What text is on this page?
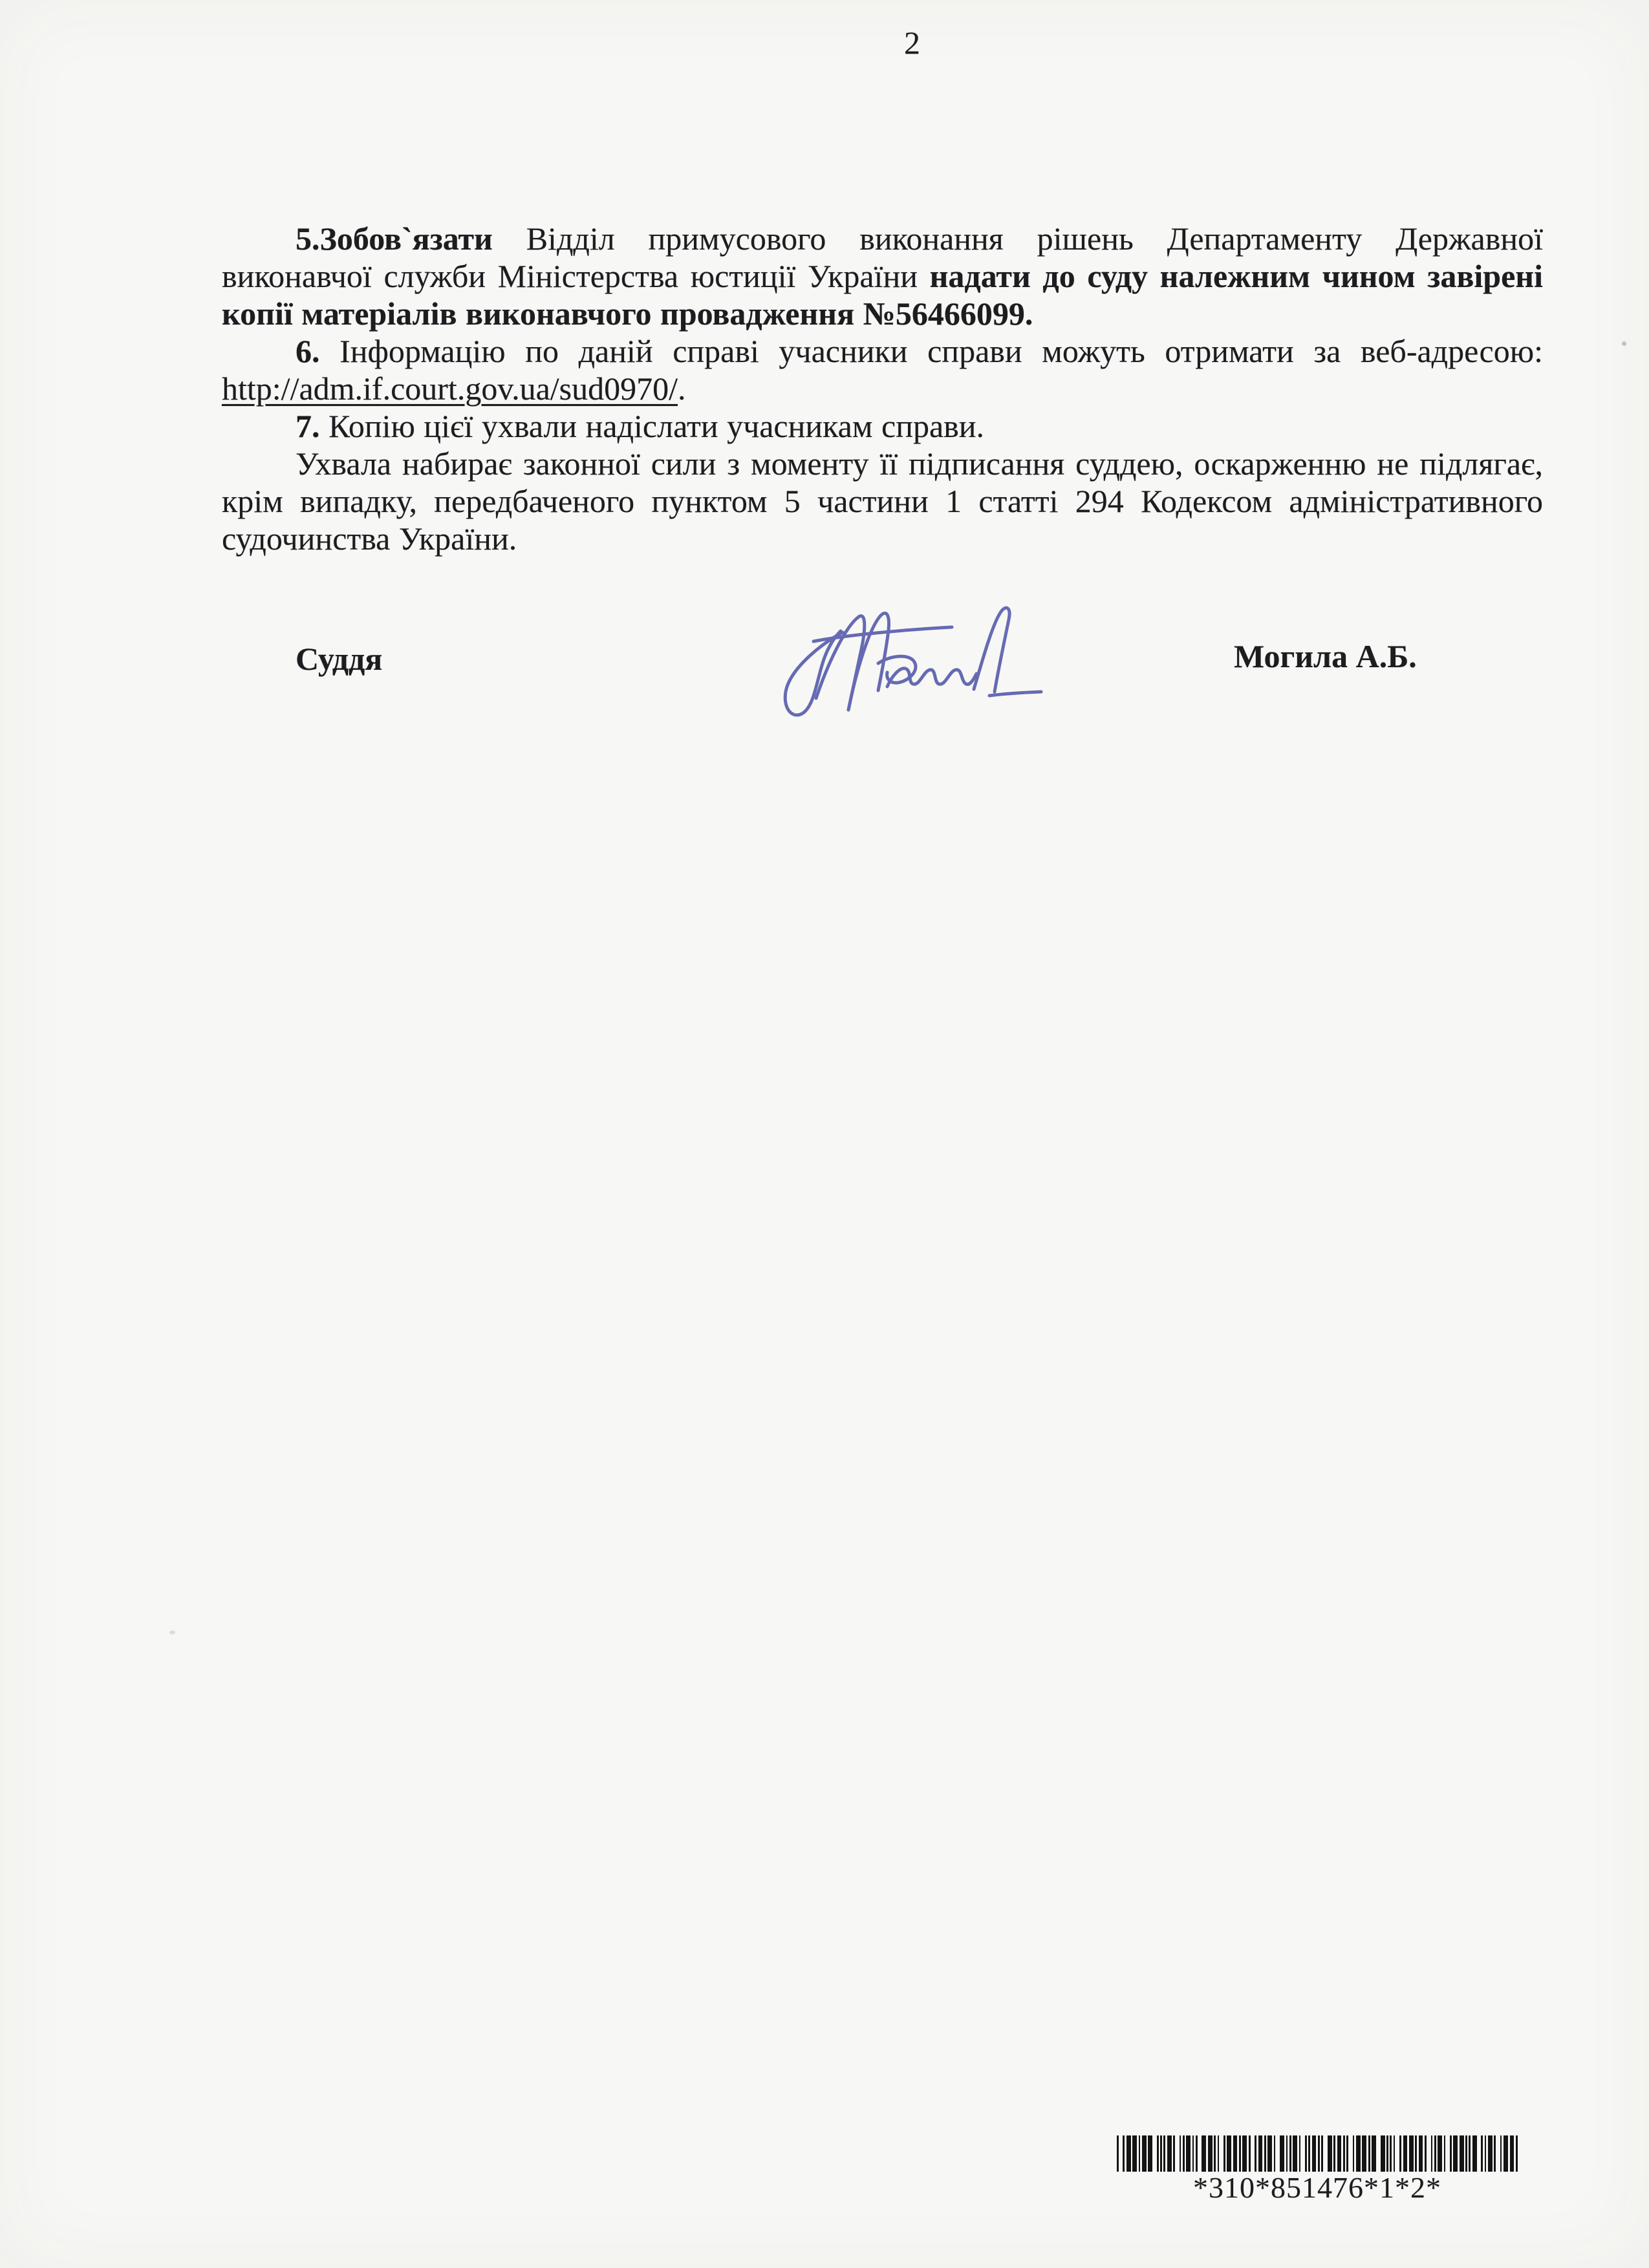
2

5.Зобов`язати Відділ примусового виконання рішень Департаменту Державної виконавчої служби Міністерства юстиції України надати до суду належним чином завірені копії матеріалів виконавчого провадження №56466099.

6. Інформацію по даній справі учасники справи можуть отримати за веб-адресою: http://adm.if.court.gov.ua/sud0970/.

7. Копію цієї ухвали надіслати учасникам справи.

Ухвала набирає законної сили з моменту її підписання суддею, оскарженню не підлягає, крім випадку, передбаченого пунктом 5 частини 1 статті 294 Кодексом адміністративного судочинства України.

Суддя	Могила А.Б.
*310*851476*1*2*
